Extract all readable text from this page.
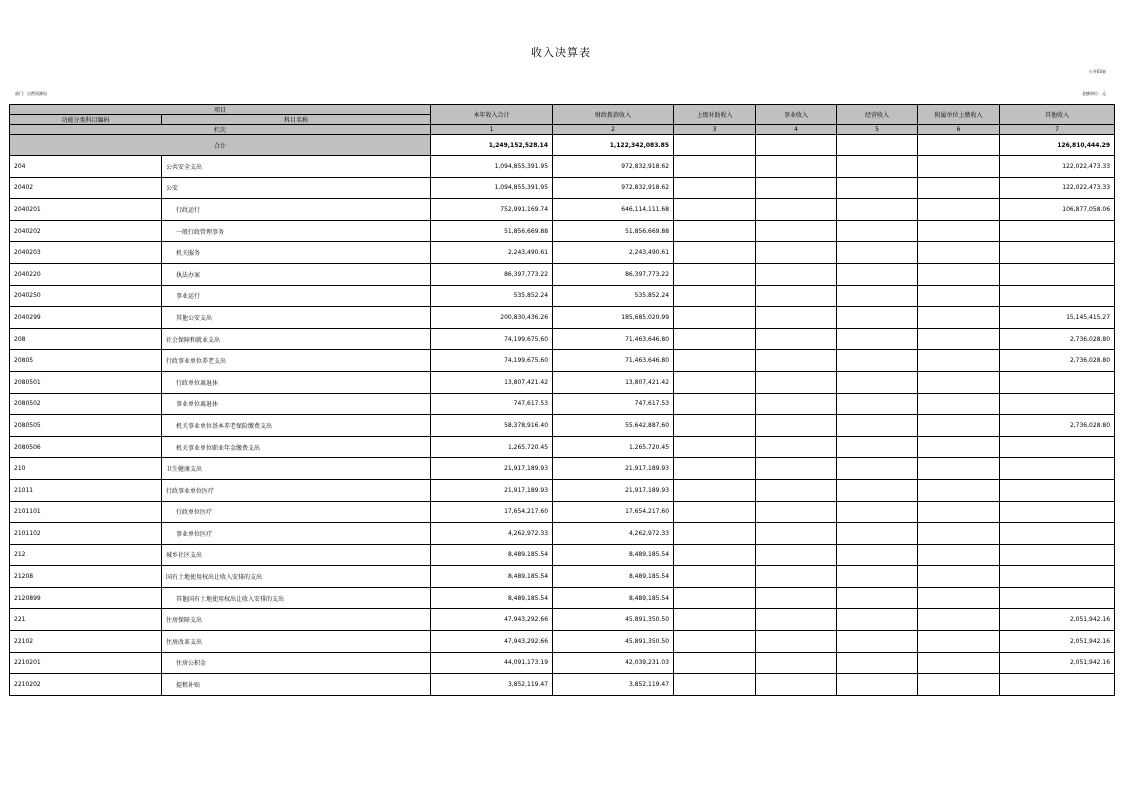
收入决算表
公开03表
部门：自然资源局	金额单位：元
项目		本年收入合计	财政拨款收入	上级补助收入	事业收入	经营收入	附属单位上缴收入	其他收入
功能分类科目编码	科目名称							
栏次		1	2	3	4	5	6	7
合计		1,249,152,528.14	1,122,342,083.85					126,810,444.29
204	公共安全支出	1,094,855,391.95	972,832,918.62					122,022,473.33
20402	公安	1,094,855,391.95	972,832,918.62					122,022,473.33
2040201	行政运行	752,991,169.74	646,114,111.68					106,877,058.06
2040202	一般行政管理事务	51,856,669.88	51,856,669.88					
2040203	机关服务	2,243,490.61	2,243,490.61					
2040220	执法办案	86,397,773.22	86,397,773.22					
2040250	事业运行	535,852.24	535,852.24					
2040299	其他公安支出	200,830,436.26	185,685,020.99					15,145,415.27
208	社会保障和就业支出	74,199,675.60	71,463,646.80					2,736,028.80
20805	行政事业单位养老支出	74,199,675.60	71,463,646.80					2,736,028.80
2080501	行政单位离退休	13,807,421.42	13,807,421.42					
2080502	事业单位离退休	747,617.53	747,617.53					
2080505	机关事业单位基本养老保险缴费支出	58,378,916.40	55,642,887.60					2,736,028.80
2080506	机关事业单位职业年金缴费支出	1,265,720.45	1,265,720.45					
210	卫生健康支出	21,917,189.93	21,917,189.93					
21011	行政事业单位医疗	21,917,189.93	21,917,189.93					
2101101	行政单位医疗	17,654,217.60	17,654,217.60					
2101102	事业单位医疗	4,262,972.33	4,262,972.33					
212	城乡社区支出	8,489,185.54	8,489,185.54					
21208	国有土地使用权出让收入安排的支出	8,489,185.54	8,489,185.54					
2120899	其他国有土地使用权出让收入安排的支出	8,489,185.54	8,489,185.54					
221	住房保障支出	47,943,292.66	45,891,350.50					2,051,942.16
22102	住房改革支出	47,943,292.66	45,891,350.50					2,051,942.16
2210201	住房公积金	44,091,173.19	42,039,231.03					2,051,942.16
2210202	提租补贴	3,852,119.47	3,852,119.47					
